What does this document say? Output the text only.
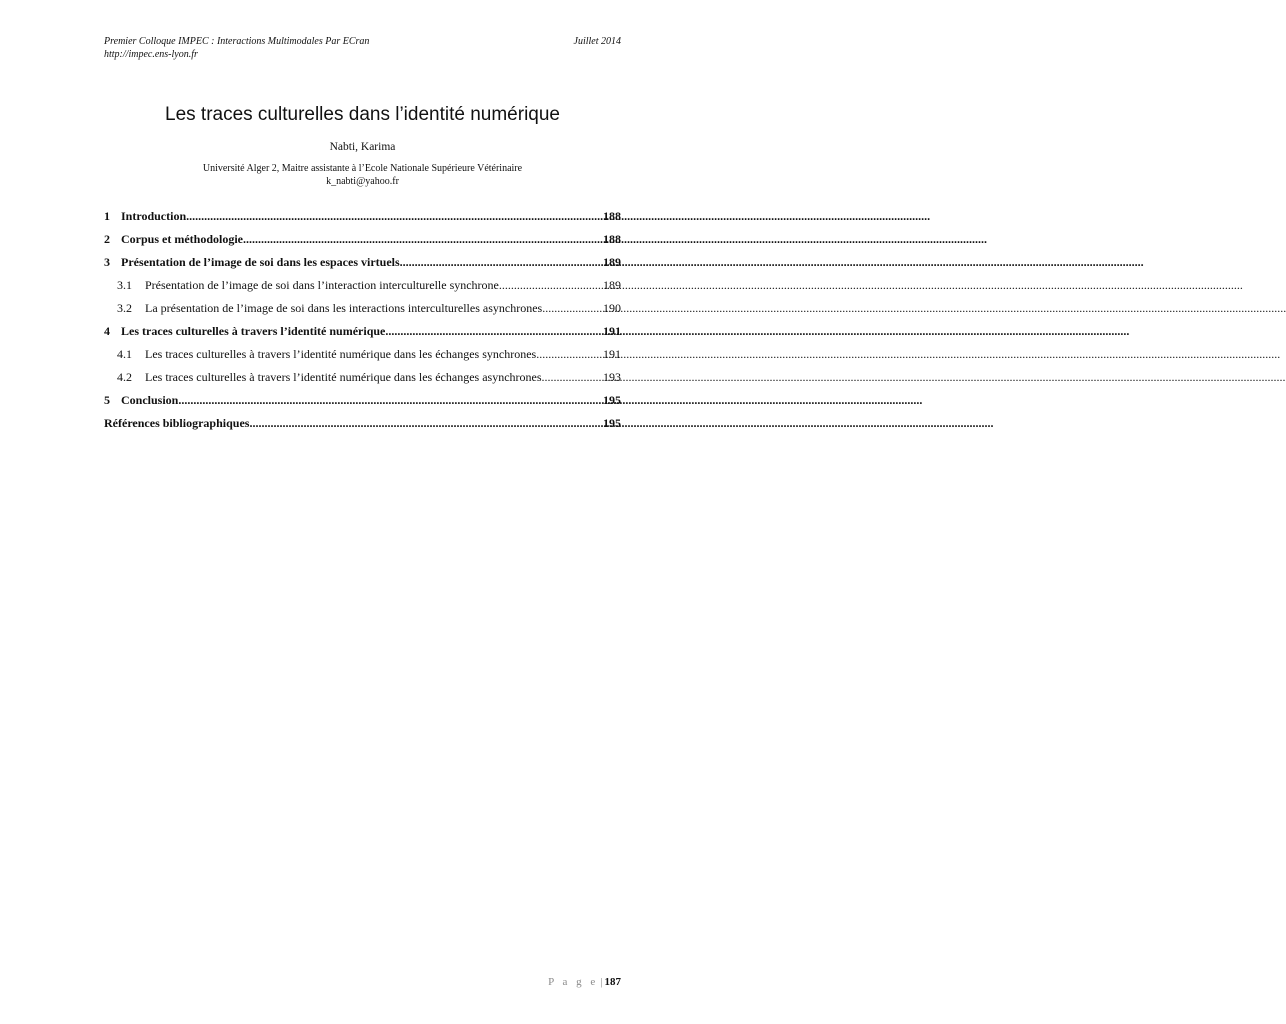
Premier Colloque IMPEC : Interactions Multimodales Par ECran
http://impec.ens-lyon.fr
Juillet 2014
Les traces culturelles dans l’identité numérique
Nabti, Karima
Université Alger 2, Maitre assistante à l’Ecole Nationale Supérieure Vétérinaire
k_nabti@yahoo.fr
1 Introduction .....	188
2 Corpus et méthodologie .....	188
3 Présentation de l’image de soi dans les espaces virtuels .....	189
3.1	Présentation de l’image de soi dans l’interaction interculturelle synchrone .....	189
3.2	La présentation de l’image de soi dans les interactions interculturelles asynchrones .....	190
4 Les traces culturelles à travers l’identité numérique .....	191
4.1	Les traces culturelles à travers l’identité numérique dans les échanges synchrones .....	191
4.2	Les traces culturelles à travers l’identité numérique dans les échanges asynchrones .....	193
5 Conclusion .....	195
Références bibliographiques .....	195
P a g e | 187
